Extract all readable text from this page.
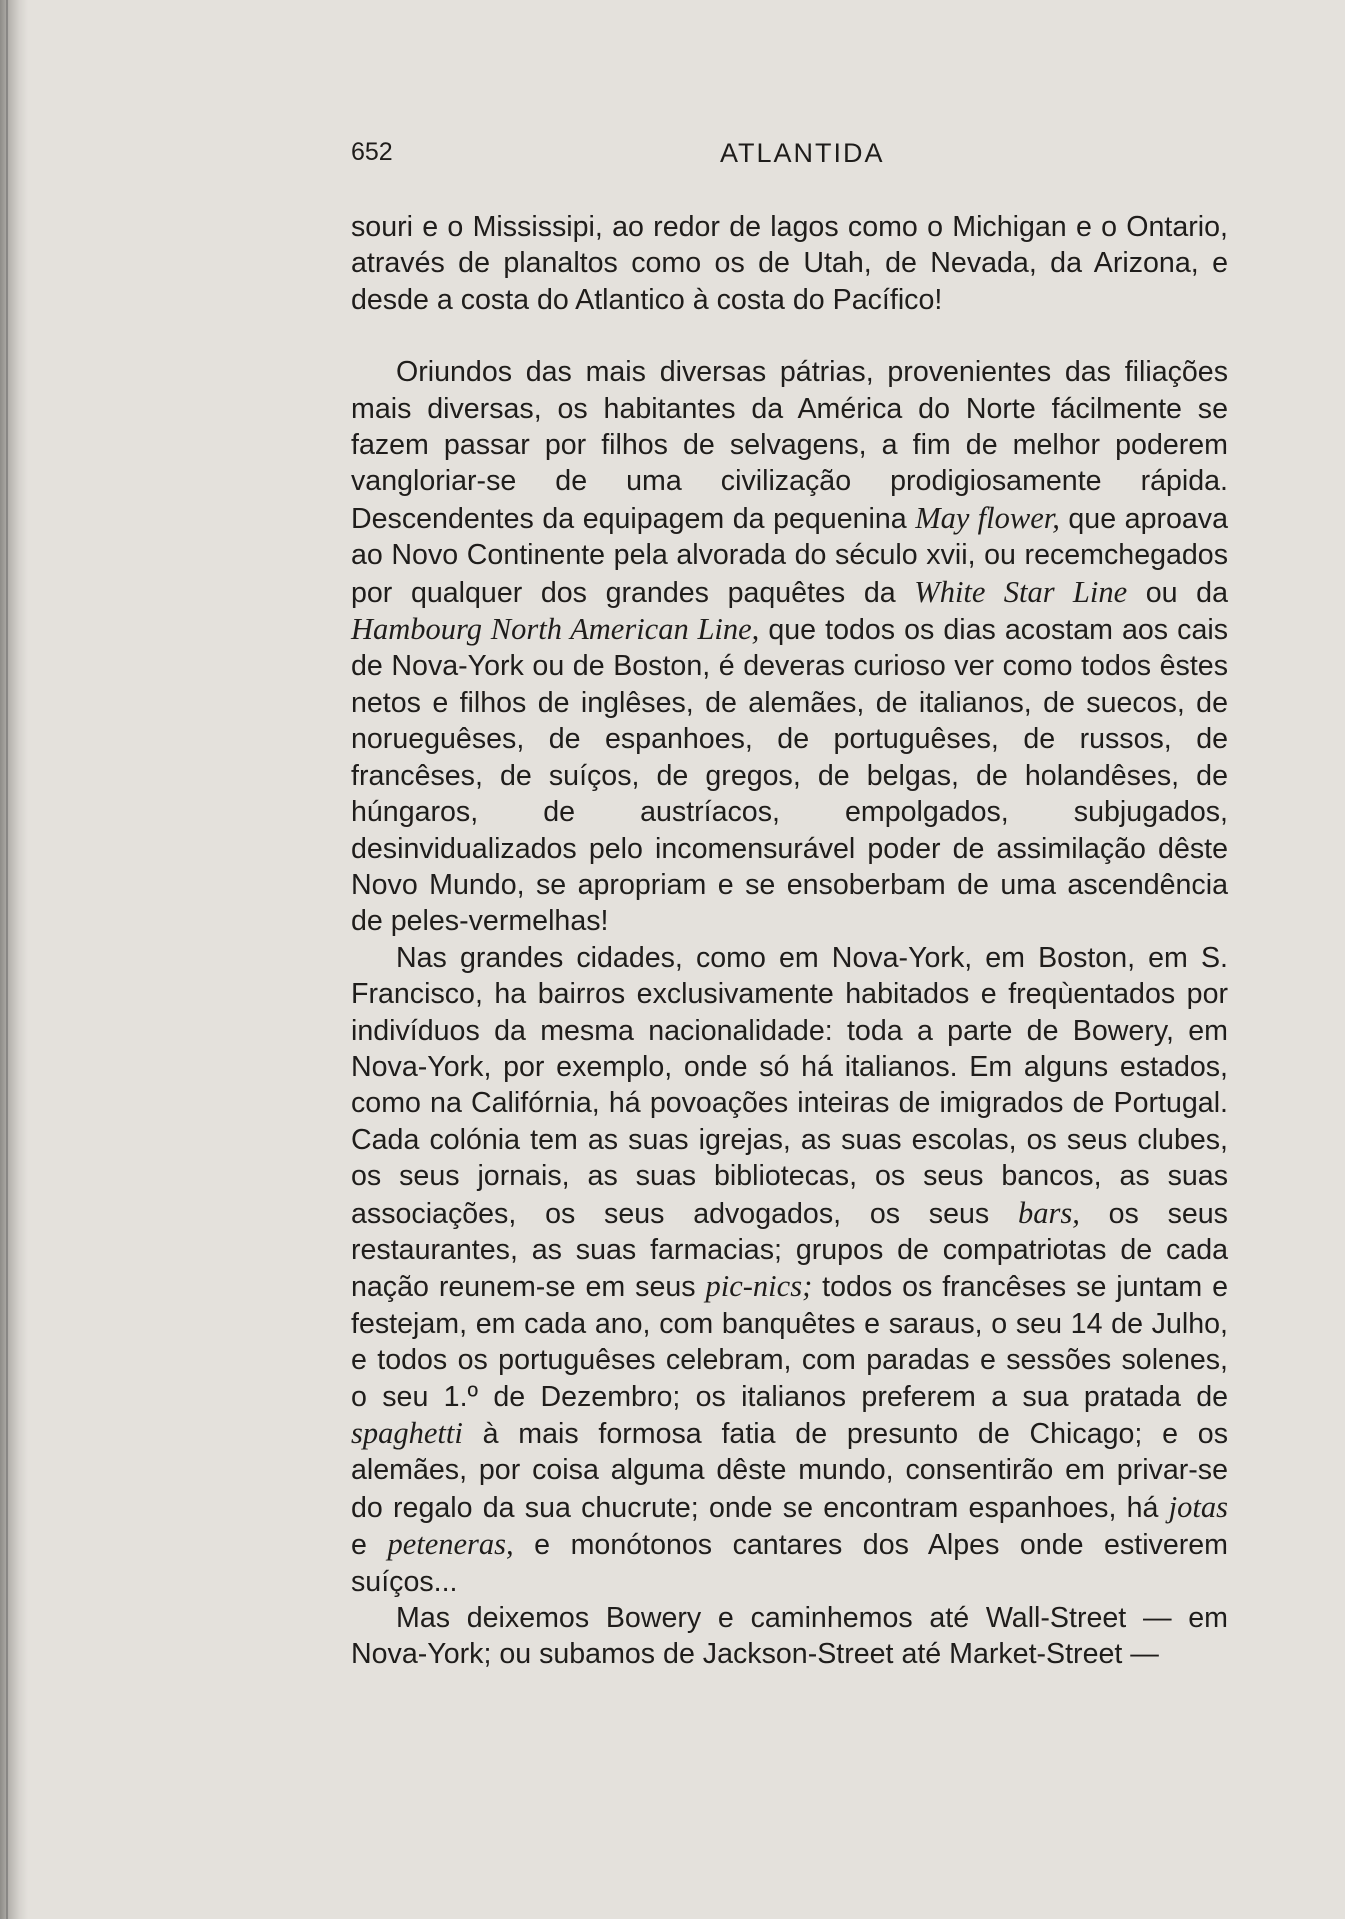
652	ATLANTIDA

souri e o Mississipi, ao redor de lagos como o Michigan e o Ontario, através de planaltos como os de Utah, de Nevada, da Arizona, e desde a costa do Atlantico à costa do Pacífico!

Oriundos das mais diversas pátrias, provenientes das filiações mais diversas, os habitantes da América do Norte fácilmente se fazem passar por filhos de selvagens, a fim de melhor poderem vangloriar-se de uma civilização prodigiosamente rápida. Descendentes da equipagem da pequenina May flower, que aproava ao Novo Continente pela alvorada do século xvii, ou recemchegados por qualquer dos grandes paquêtes da White Star Line ou da Hambourg North American Line, que todos os dias acostam aos cais de Nova-York ou de Boston, é deveras curioso ver como todos êstes netos e filhos de inglêses, de alemães, de italianos, de suecos, de norueguêses, de espanhoes, de portuguêses, de russos, de francêses, de suíços, de gregos, de belgas, de holandêses, de húngaros, de austríacos, empolgados, subjugados, desinvidualizados pelo incomensurável poder de assimilação dêste Novo Mundo, se apropriam e se ensoberbam de uma ascendência de peles-vermelhas!

Nas grandes cidades, como em Nova-York, em Boston, em S. Francisco, ha bairros exclusivamente habitados e freqùentados por indivíduos da mesma nacionalidade: toda a parte de Bowery, em Nova-York, por exemplo, onde só há italianos. Em alguns estados, como na Califórnia, há povoações inteiras de imigrados de Portugal. Cada colónia tem as suas igrejas, as suas escolas, os seus clubes, os seus jornais, as suas bibliotecas, os seus bancos, as suas associações, os seus advogados, os seus bars, os seus restaurantes, as suas farmacias; grupos de compatriotas de cada nação reunem-se em seus pic-nics; todos os francêses se juntam e festejam, em cada ano, com banquêtes e saraus, o seu 14 de Julho, e todos os portuguêses celebram, com paradas e sessões solenes, o seu 1.º de Dezembro; os italianos preferem a sua pratada de spaghetti à mais formosa fatia de presunto de Chicago; e os alemães, por coisa alguma dêste mundo, consentirão em privar-se do regalo da sua chucrute; onde se encontram espanhoes, há jotas e peteneras, e monótonos cantares dos Alpes onde estiverem suíços...

Mas deixemos Bowery e caminhemos até Wall-Street — em Nova-York; ou subamos de Jackson-Street até Market-Street —
